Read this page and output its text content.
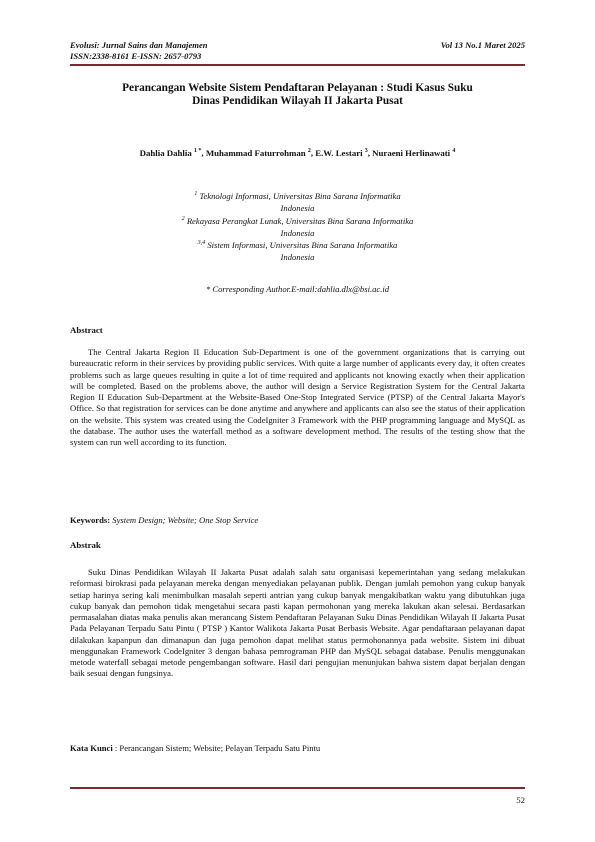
Evolusi: Jurnal Sains dan Manajemen	Vol 13 No.1 Maret 2025
ISSN:2338-8161 E-ISSN: 2657-0793
Perancangan Website Sistem Pendaftaran Pelayanan : Studi Kasus Suku
Dinas Pendidikan Wilayah II Jakarta Pusat
Dahlia Dahlia $^{1 *}$, Muhammad Faturrohman $^2$, E.W. Lestari $^3$, Nuraeni Herlinawati $^4$
$^1$ Teknologi Informasi, Universitas Bina Sarana Informatika
Indonesia
$^2$ Rekayasa Perangkat Lunak, Universitas Bina Sarana Informatika
Indonesia
$^{3,4}$ Sistem Informasi, Universitas Bina Sarana Informatika
Indonesia
* Corresponding Author.E-mail:dahlia.dlx@bsi.ac.id
Abstract
The Central Jakarta Region II Education Sub-Department is one of the government organizations that is carrying out bureaucratic reform in their services by providing public services. With quite a large number of applicants every day, it often creates problems such as large queues resulting in quite a lot of time required and applicants not knowing exactly when their application will be completed. Based on the problems above, the author will design a Service Registration System for the Central Jakarta Region II Education Sub-Department at the Website-Based One-Stop Integrated Service (PTSP) of the Central Jakarta Mayor's Office. So that registration for services can be done anytime and anywhere and applicants can also see the status of their application on the website. This system was created using the CodeIgniter 3 Framework with the PHP programming language and MySQL as the database. The author uses the waterfall method as a software development method. The results of the testing show that the system can run well according to its function.
Keywords: System Design; Website; One Stop Service
Abstrak
Suku Dinas Pendidikan Wilayah II Jakarta Pusat adalah salah satu organisasi kepemerintahan yang sedang melakukan reformasi birokrasi pada pelayanan mereka dengan menyediakan pelayanan publik. Dengan jumlah pemohon yang cukup banyak setiap harinya sering kali menimbulkan masalah seperti antrian yang cukup banyak mengakibatkan waktu yang dibutuhkan juga cukup banyak dan pemohon tidak mengetahui secara pasti kapan permohonan yang mereka lakukan akan selesai. Berdasarkan permasalahan diatas maka penulis akan merancang Sistem Pendaftaran Pelayanan Suku Dinas Pendidikan Wilayah II Jakarta Pusat Pada Pelayanan Terpadu Satu Pintu ( PTSP ) Kantor Walikota Jakarta Pusat Berbasis Website. Agar pendaftaraan pelayanan dapat dilakukan kapanpun dan dimanapun dan juga pemohon dapat melihat status permohonannya pada website. Sistem ini dibuat menggunakan Framework CodeIgniter 3 dengan bahasa pemrograman PHP dan MySQL sebagai database. Penulis menggunakan metode waterfall sebagai metode pengembangan software. Hasil dari pengujian menunjukan bahwa sistem dapat berjalan dengan baik sesuai dengan fungsinya.
Kata Kunci : Perancangan Sistem; Website; Pelayan Terpadu Satu Pintu
52
